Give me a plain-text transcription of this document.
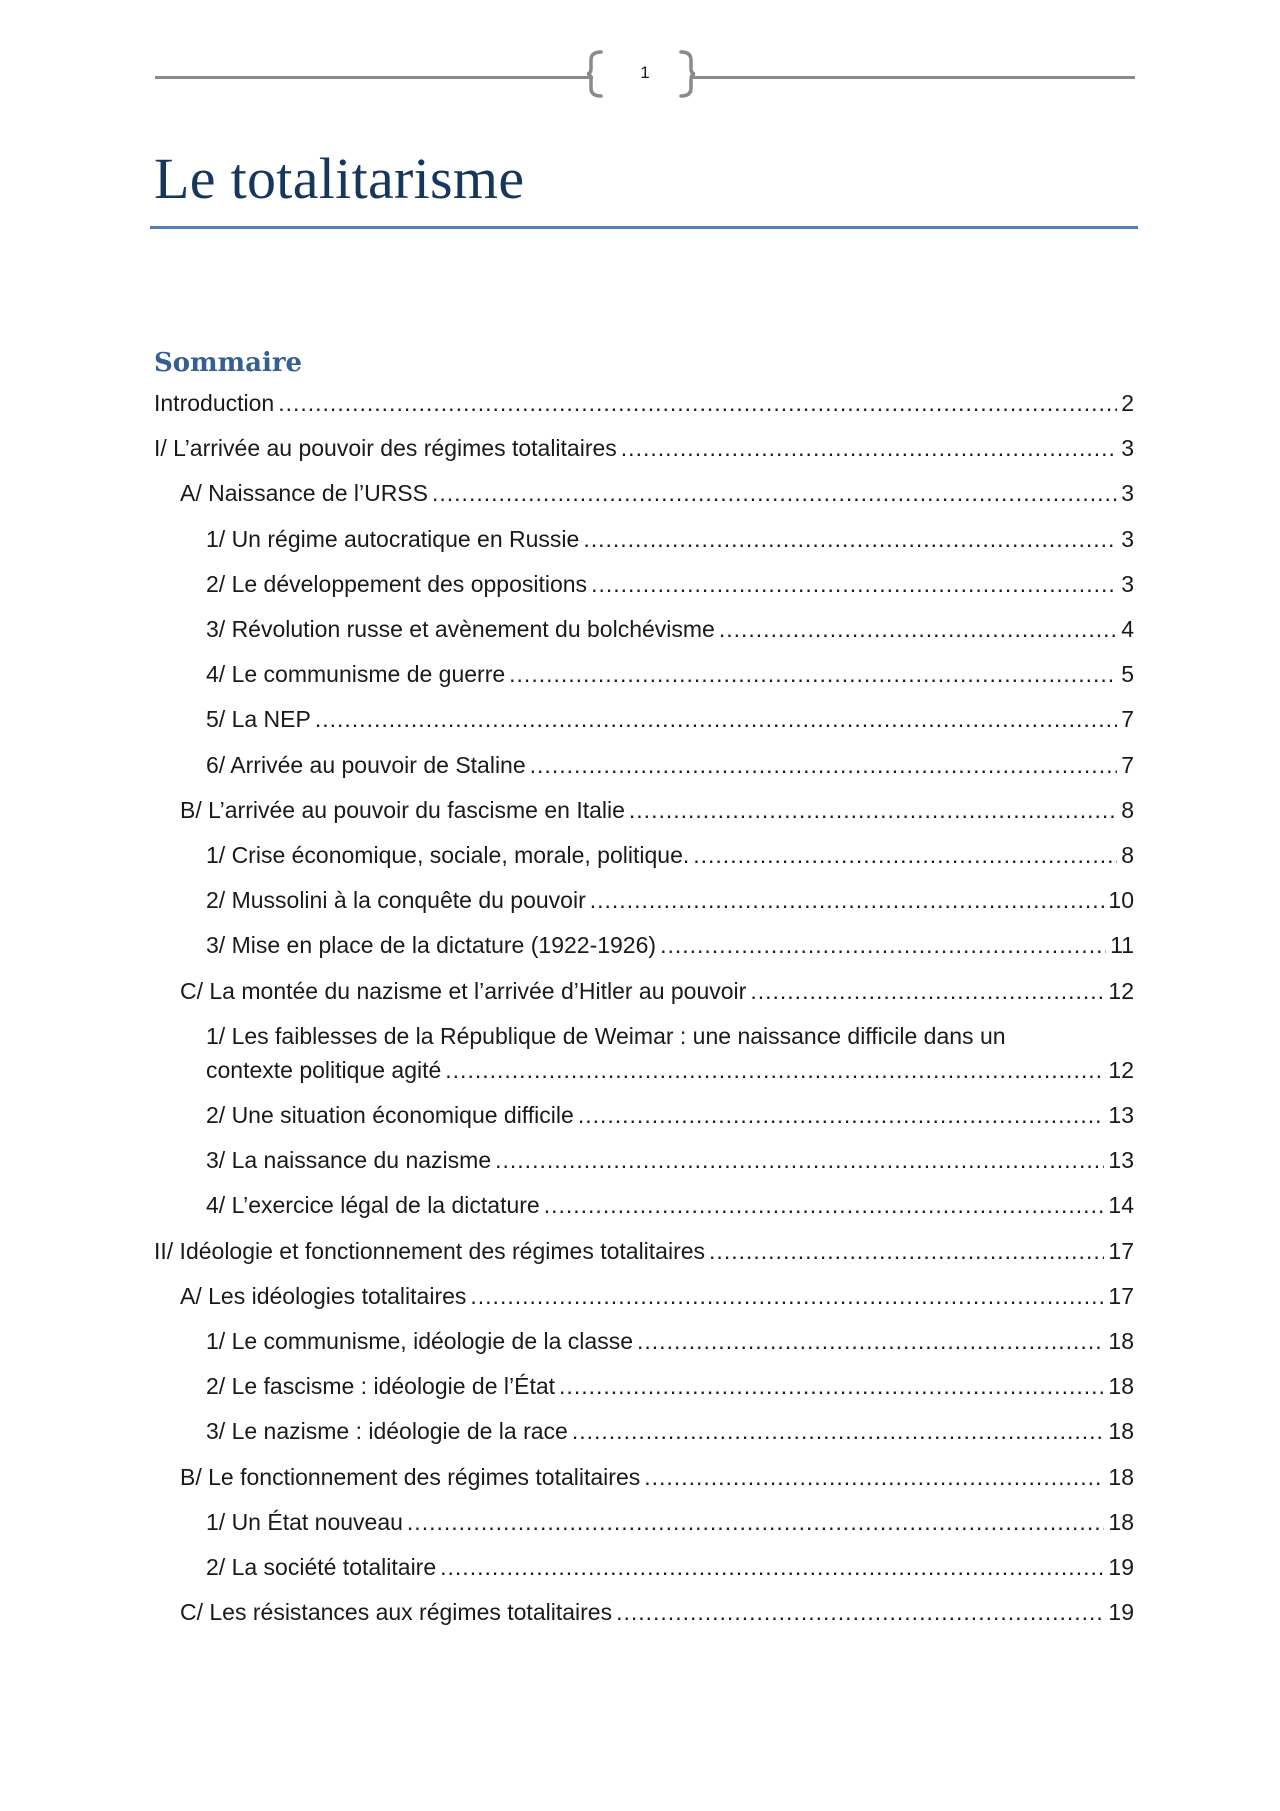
1
Le totalitarisme
Sommaire
Introduction .....	2
I/ L’arrivée au pouvoir des régimes totalitaires .....	3
A/ Naissance de l’URSS .....	3
1/ Un régime autocratique en Russie .....	3
2/ Le développement des oppositions .....	3
3/ Révolution russe et avènement du bolchévisme .....	4
4/ Le communisme de guerre .....	5
5/ La NEP .....	7
6/ Arrivée au pouvoir de Staline .....	7
B/ L’arrivée au pouvoir du fascisme en Italie .....	8
1/ Crise économique, sociale, morale, politique. .....	8
2/ Mussolini à la conquête du pouvoir .....	10
3/ Mise en place de la dictature (1922-1926) .....	11
C/ La montée du nazisme et l’arrivée d’Hitler au pouvoir .....	12
1/ Les faiblesses de la République de Weimar : une naissance difficile dans un
contexte politique agité .....	12
2/ Une situation économique difficile .....	13
3/ La naissance du nazisme .....	13
4/ L’exercice légal de la dictature .....	14
II/ Idéologie et fonctionnement des régimes totalitaires .....	17
A/ Les idéologies totalitaires .....	17
1/ Le communisme, idéologie de la classe .....	18
2/ Le fascisme : idéologie de l’État .....	18
3/ Le nazisme : idéologie de la race .....	18
B/ Le fonctionnement des régimes totalitaires .....	18
1/ Un État nouveau .....	18
2/ La société totalitaire .....	19
C/ Les résistances aux régimes totalitaires .....	19
